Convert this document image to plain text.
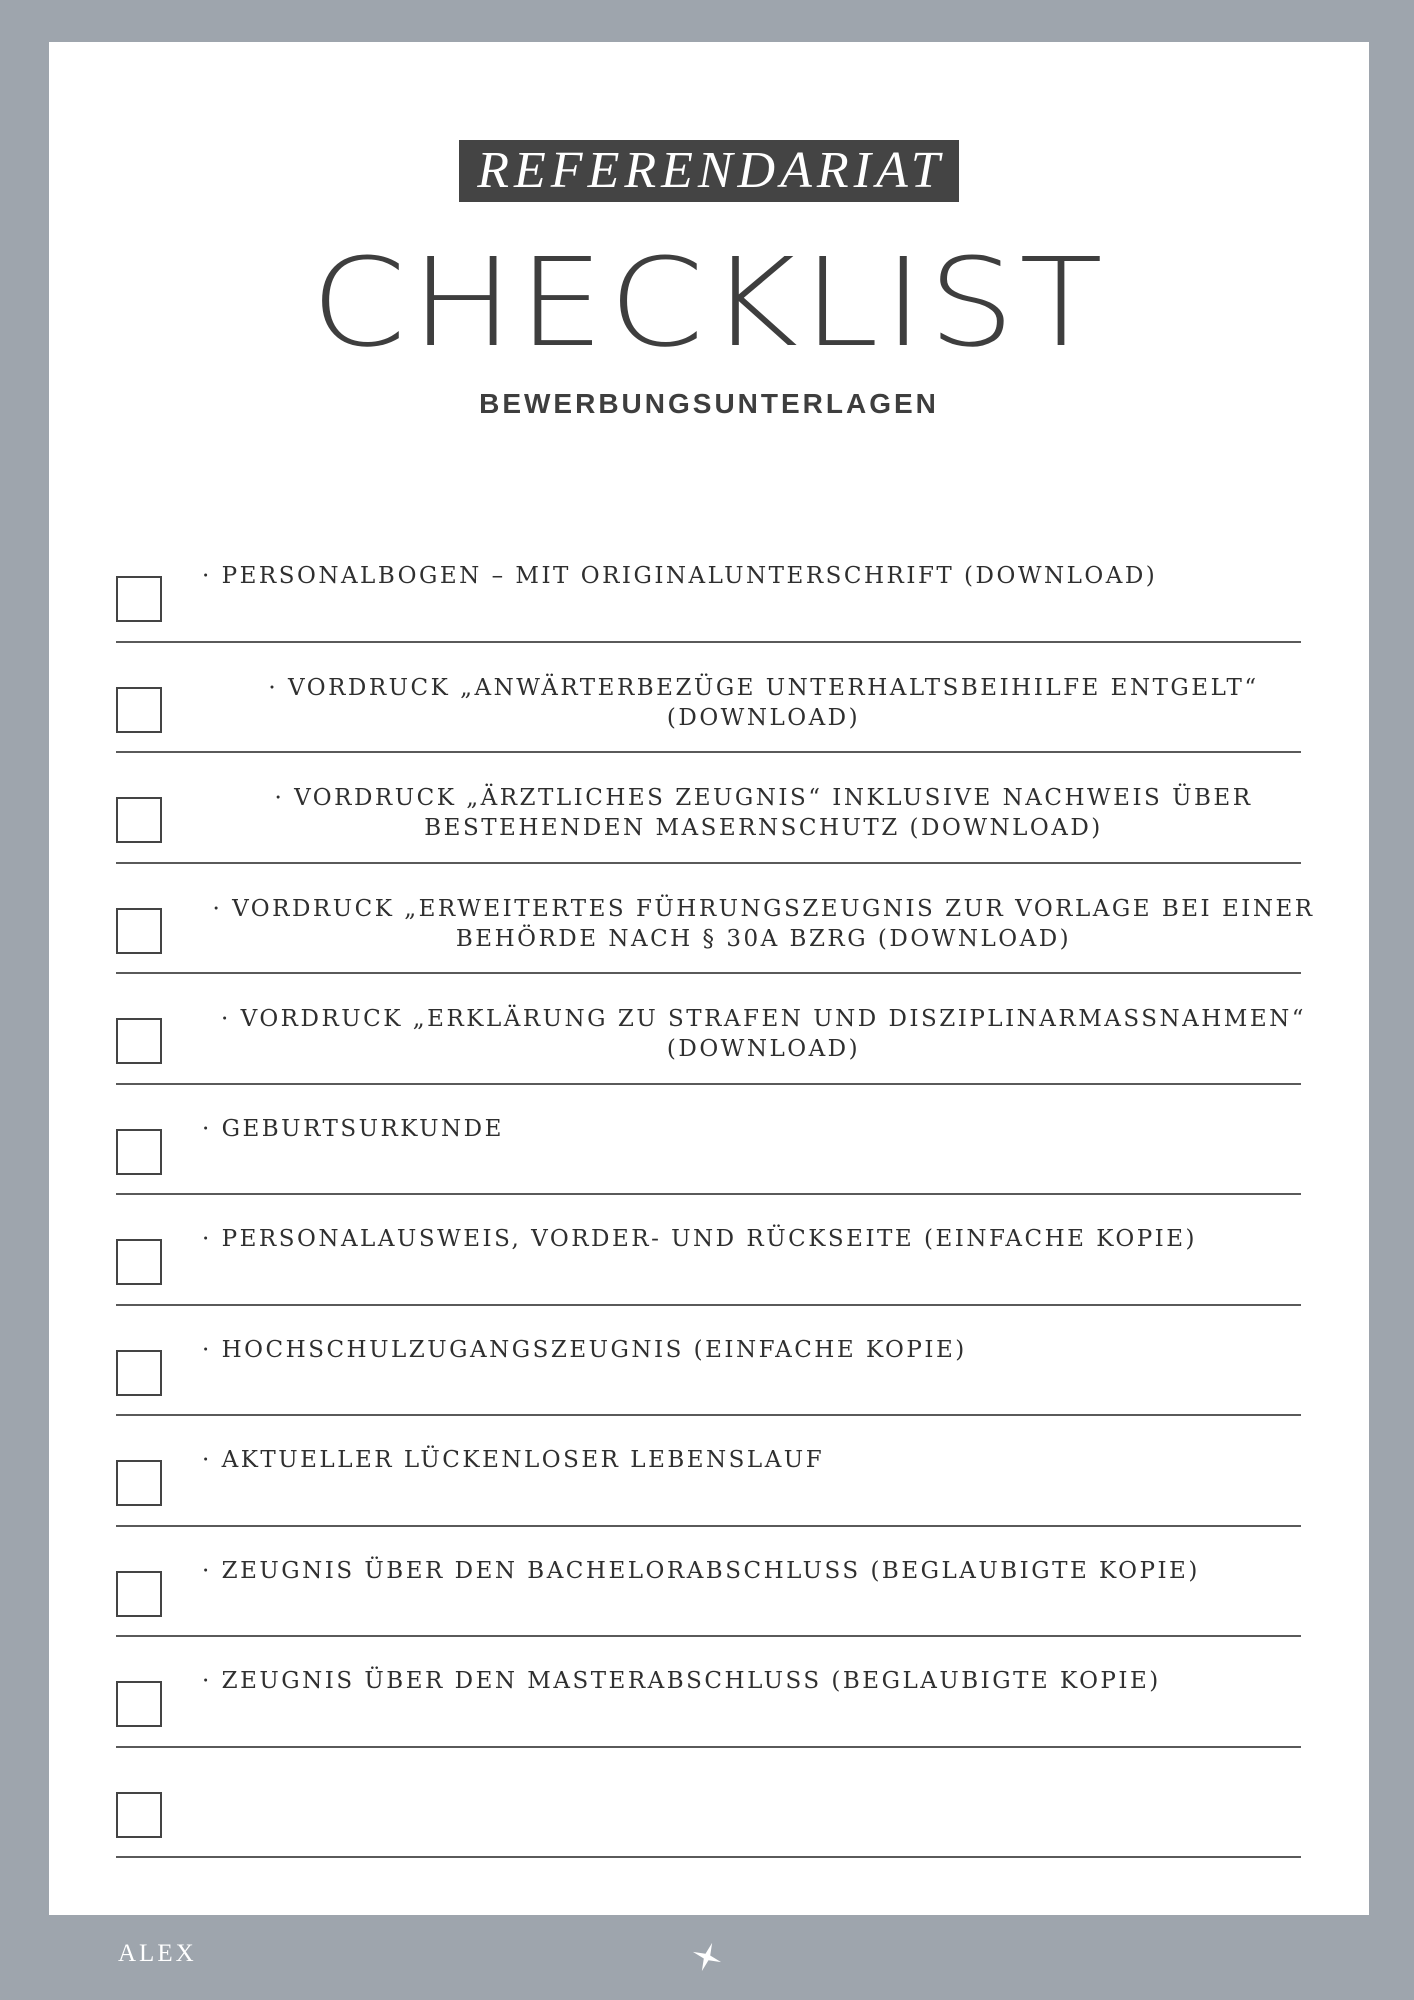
REFERENDARIAT
CHECKLIST
BEWERBUNGSUNTERLAGEN
· PERSONALBOGEN – MIT ORIGINALUNTERSCHRIFT (DOWNLOAD)
· VORDRUCK „ANWÄRTERBEZÜGE UNTERHALTSBEIHILFE ENTGELT“ (DOWNLOAD)
· VORDRUCK „ÄRZTLICHES ZEUGNIS“ INKLUSIVE NACHWEIS ÜBER BESTEHENDEN MASERNSCHUTZ (DOWNLOAD)
· VORDRUCK „ERWEITERTES FÜHRUNGSZEUGNIS ZUR VORLAGE BEI EINER BEHÖRDE NACH § 30A BZRG (DOWNLOAD)
· VORDRUCK „ERKLÄRUNG ZU STRAFEN UND DISZIPLINARMASSNAHMEN“ (DOWNLOAD)
· GEBURTSURKUNDE
· PERSONALAUSWEIS, VORDER- UND RÜCKSEITE (EINFACHE KOPIE)
· HOCHSCHULZUGANGSZEUGNIS (EINFACHE KOPIE)
· AKTUELLER LÜCKENLOSER LEBENSLAUF
· ZEUGNIS ÜBER DEN BACHELORABSCHLUSS (BEGLAUBIGTE KOPIE)
· ZEUGNIS ÜBER DEN MASTERABSCHLUSS (BEGLAUBIGTE KOPIE)
ALEX
